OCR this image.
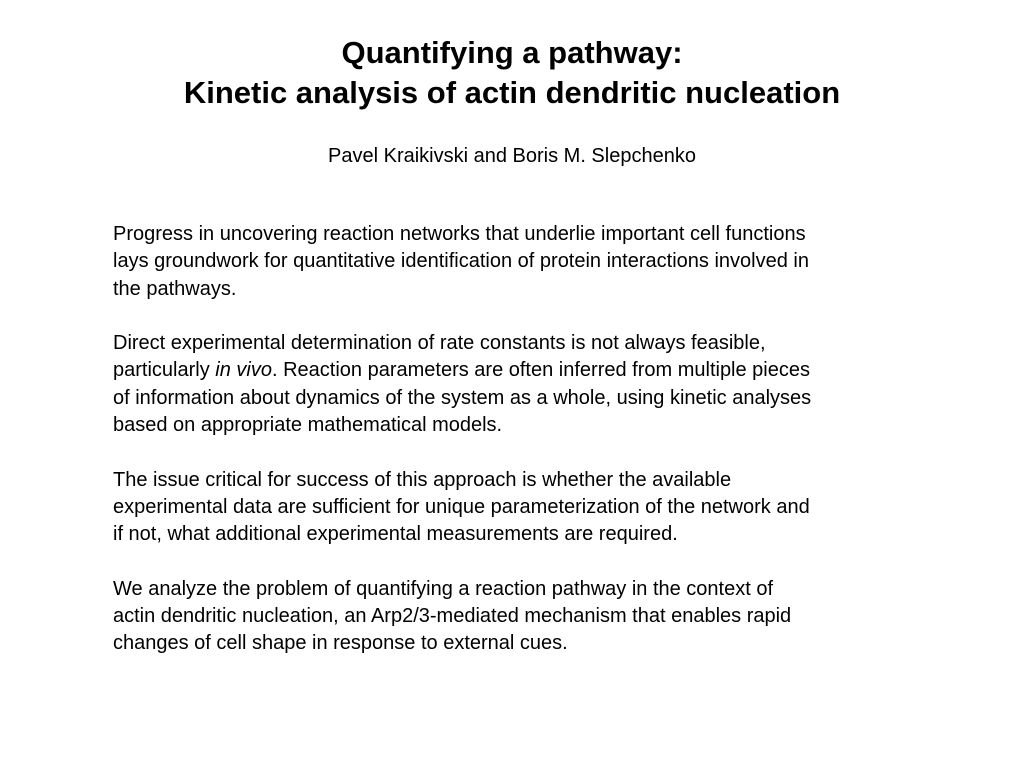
Quantifying a pathway:
Kinetic analysis of actin dendritic nucleation
Pavel Kraikivski and Boris M. Slepchenko
Progress in uncovering reaction networks that underlie important cell functions
lays groundwork for quantitative identification of protein interactions involved in
the pathways.
Direct experimental determination of rate constants is not always feasible,
particularly in vivo. Reaction parameters are often inferred from multiple pieces
of information about dynamics of the system as a whole, using kinetic analyses
based on appropriate mathematical models.
The issue critical for success of this approach is whether the available
experimental data are sufficient for unique parameterization of the network and
if not, what additional experimental measurements are required.
We analyze the problem of quantifying a reaction pathway in the context of
actin dendritic nucleation, an Arp2/3-mediated mechanism that enables rapid
changes of cell shape in response to external cues.
